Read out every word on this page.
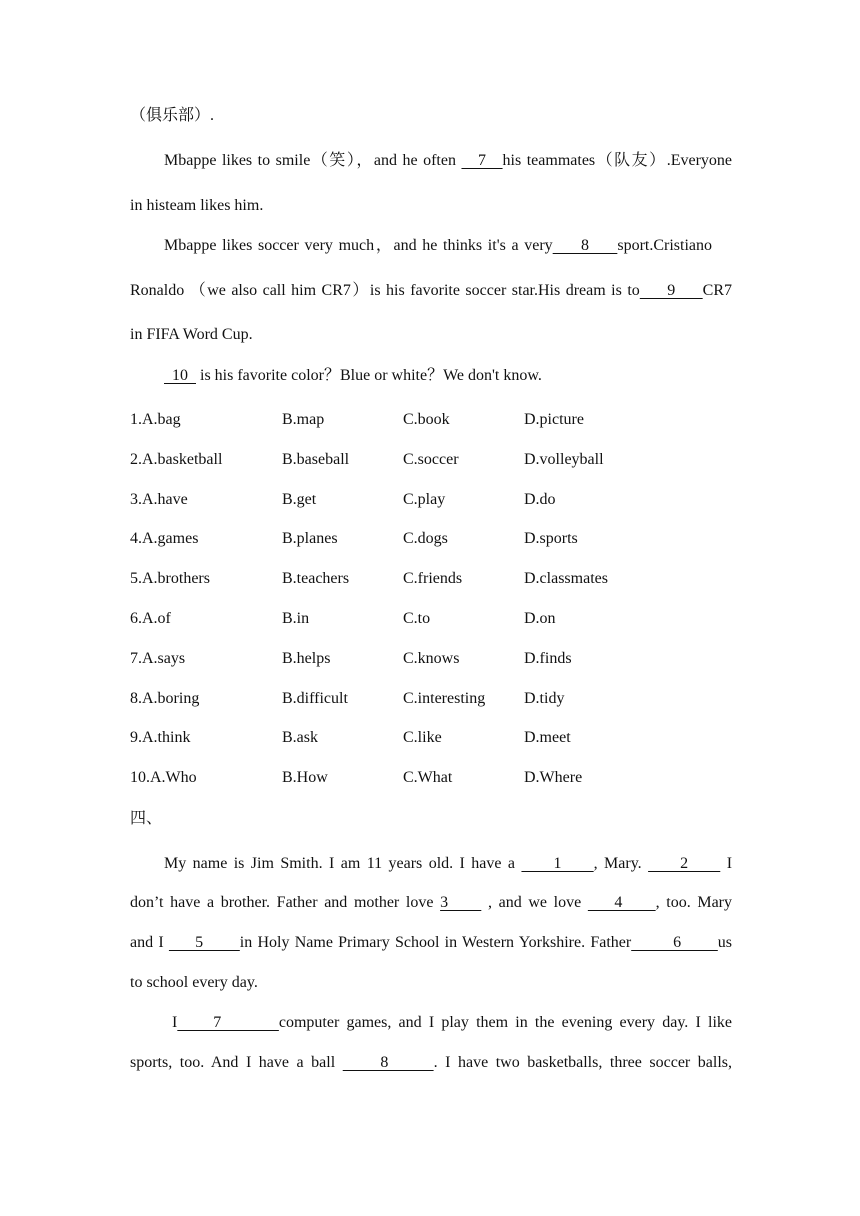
（俱乐部）.
Mbappe likes to smile（笑），and he often    7   his teammates（队友）.Everyone
in histeam likes him.
Mbappe likes soccer very much，and he thinks it's a very     8     sport.Cristiano
Ronaldo （we also call him CR7）is his favorite soccer star.His dream is to     9     CR7
in FIFA Word Cup.
10   is his favorite color？Blue or white？We don't know.
1.A.bag	B.map	C.book	D.picture
2.A.basketball	B.baseball	C.soccer	D.volleyball
3.A.have	B.get	C.play	D.do
4.A.games	B.planes	C.dogs	D.sports
5.A.brothers	B.teachers	C.friends	D.classmates
6.A.of	B.in	C.to	D.on
7.A.says	B.helps	C.knows	D.finds
8.A.boring	B.difficult	C.interesting D.tidy
9.A.think	B.ask	C.like	D.meet
10.A.Who	B.How	C.What	D.Where
四、
My name is Jim Smith. I am 11 years old. I have a      1     , Mary.      2      I
don’t have a brother. Father and mother love 3      , and we love     4     , too. Mary
and I      5       in Holy Name Primary School in Western Yorkshire. Father        6       us
to school every day.
I     7        computer games, and I play them in the evening every day. I like
sports, too. And I have a ball      8      . I have two basketballs, three soccer balls,
